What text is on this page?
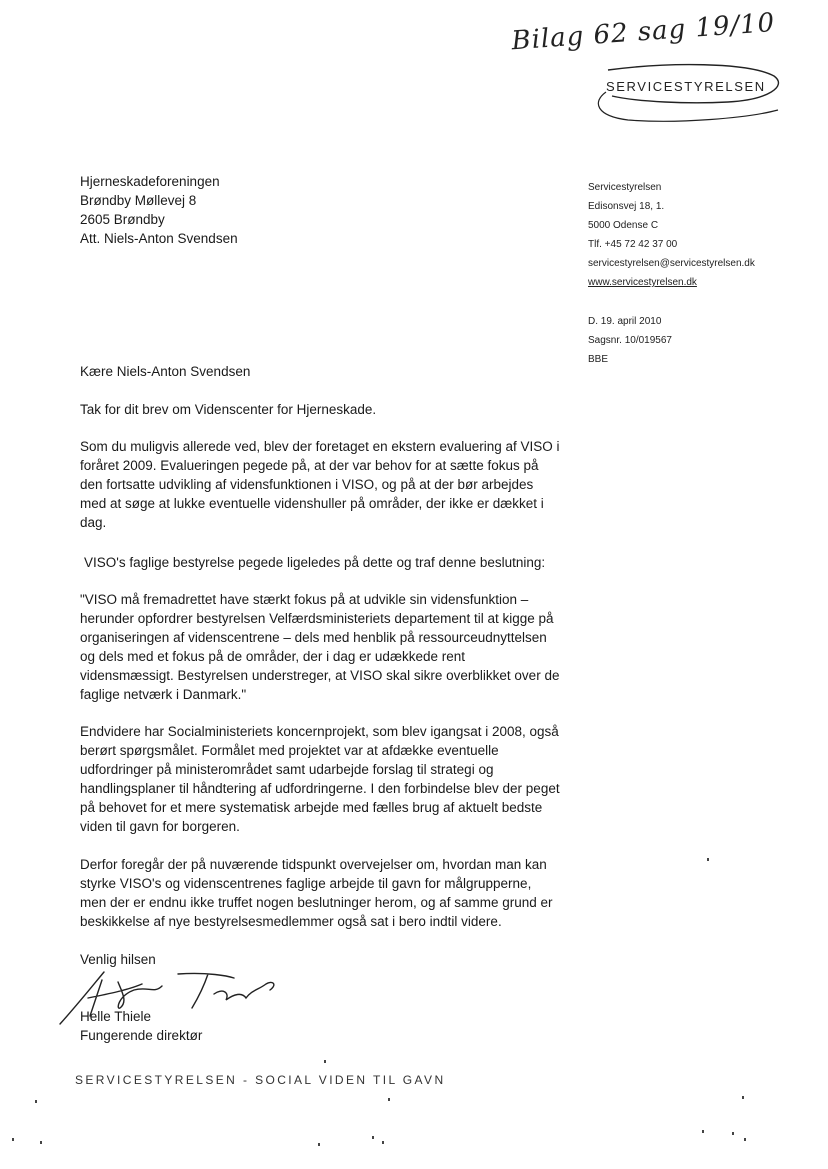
Bilag 62 sag 19/10
SERVICESTYRELSEN
Hjerneskadeforeningen
Brøndby Møllevej 8
2605 Brøndby
Att. Niels-Anton Svendsen
Servicestyrelsen
Edisonsvej 18, 1.
5000 Odense C
Tlf. +45 72 42 37 00
servicestyrelsen@servicestyrelsen.dk
www.servicestyrelsen.dk
D. 19. april 2010
Sagsnr. 10/019567
BBE

Kære Niels-Anton Svendsen

Tak for dit brev om Videnscenter for Hjerneskade.

Som du muligvis allerede ved, blev der foretaget en ekstern evaluering af VISO i foråret 2009. Evalueringen pegede på, at der var behov for at sætte fokus på den fortsatte udvikling af vidensfunktionen i VISO, og på at der bør arbejdes med at søge at lukke eventuelle videnshuller på områder, der ikke er dækket i dag.

VISO's faglige bestyrelse pegede ligeledes på dette og traf denne beslutning:

"VISO må fremadrettet have stærkt fokus på at udvikle sin vidensfunktion – herunder opfordrer bestyrelsen Velfærdsministeriets departement til at kigge på organiseringen af videnscentrene – dels med henblik på ressourceudnyttelsen og dels med et fokus på de områder, der i dag er udækkede rent vidensmæssigt. Bestyrelsen understreger, at VISO skal sikre overblikket over de faglige netværk i Danmark."

Endvidere har Socialministeriets koncernprojekt, som blev igangsat i 2008, også berørt spørgsmålet. Formålet med projektet var at afdække eventuelle udfordringer på ministerområdet samt udarbejde forslag til strategi og handlingsplaner til håndtering af udfordringerne. I den forbindelse blev der peget på behovet for et mere systematisk arbejde med fælles brug af aktuelt bedste viden til gavn for borgeren.

Derfor foregår der på nuværende tidspunkt overvejelser om, hvordan man kan styrke VISO's og videnscentrenes faglige arbejde til gavn for målgrupperne, men der er endnu ikke truffet nogen beslutninger herom, og af samme grund er beskikkelse af nye bestyrelsesmedlemmer også sat i bero indtil videre.

Venlig hilsen

Helle Thiele

Fungerende direktør

SERVICESTYRELSEN - SOCIAL VIDEN TIL GAVN
